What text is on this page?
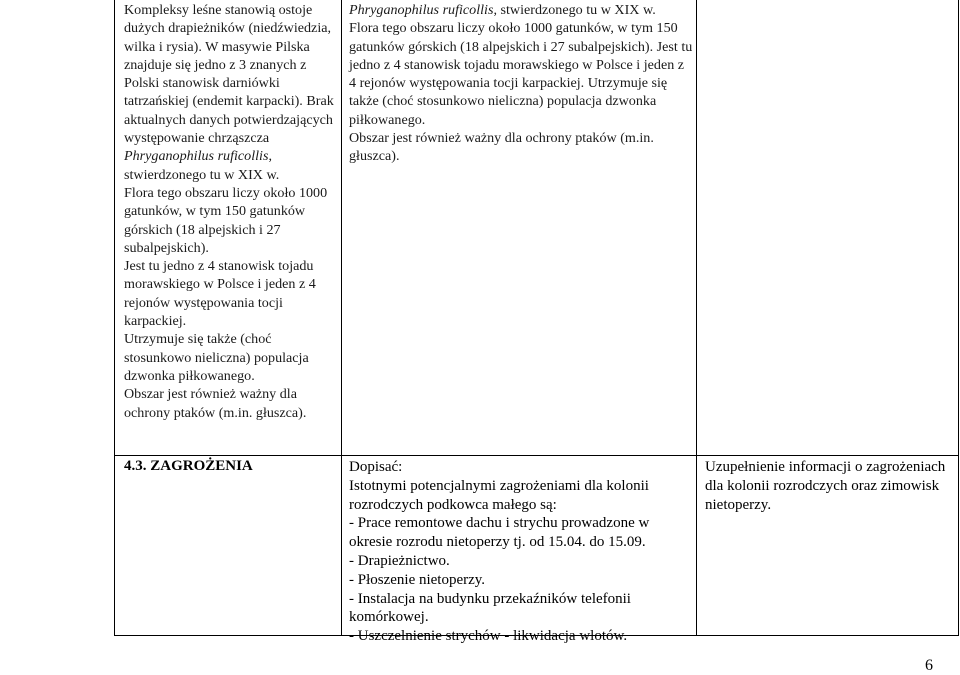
Kompleksy leśne stanowią ostoje dużych drapieżników (niedźwiedzia, wilka i rysia). W masywie Pilska znajduje się jedno z 3 znanych z Polski stanowisk darniówki tatrzańskiej (endemit karpacki). Brak aktualnych danych potwierdzających występowanie chrząszcza Phryganophilus ruficollis, stwierdzonego tu w XIX w.
Flora tego obszaru liczy około 1000 gatunków, w tym 150 gatunków górskich (18 alpejskich i 27 subalpejskich).
Jest tu jedno z 4 stanowisk tojadu morawskiego w Polsce i jeden z 4 rejonów występowania tocji karpackiej.
Utrzymuje się także (choć stosunkowo nieliczna) populacja dzwonka piłkowanego.
Obszar jest również ważny dla ochrony ptaków (m.in. głuszca).
Phryganophilus ruficollis, stwierdzonego tu w XIX w.
Flora tego obszaru liczy około 1000 gatunków, w tym 150 gatunków górskich (18 alpejskich i 27 subalpejskich). Jest tu jedno z 4 stanowisk tojadu morawskiego w Polsce i jeden z 4 rejonów występowania tocji karpackiej. Utrzymuje się także (choć stosunkowo nieliczna) populacja dzwonka piłkowanego.
Obszar jest również ważny dla ochrony ptaków (m.in. głuszca).
4.3. ZAGROŻENIA	Dopisać:
Istotnymi potencjalnymi zagrożeniami dla kolonii rozrodczych podkowca małego są:
- Prace remontowe dachu i strychu prowadzone w okresie rozrodu nietoperzy tj. od 15.04. do 15.09.
- Drapieżnictwo.
- Płoszenie nietoperzy.
- Instalacja na budynku przekaźników telefonii komórkowej.
- Uszczelnienie strychów - likwidacja wlotów.
Uzupełnienie informacji o zagrożeniach dla kolonii rozrodczych oraz zimowisk nietoperzy.
6
